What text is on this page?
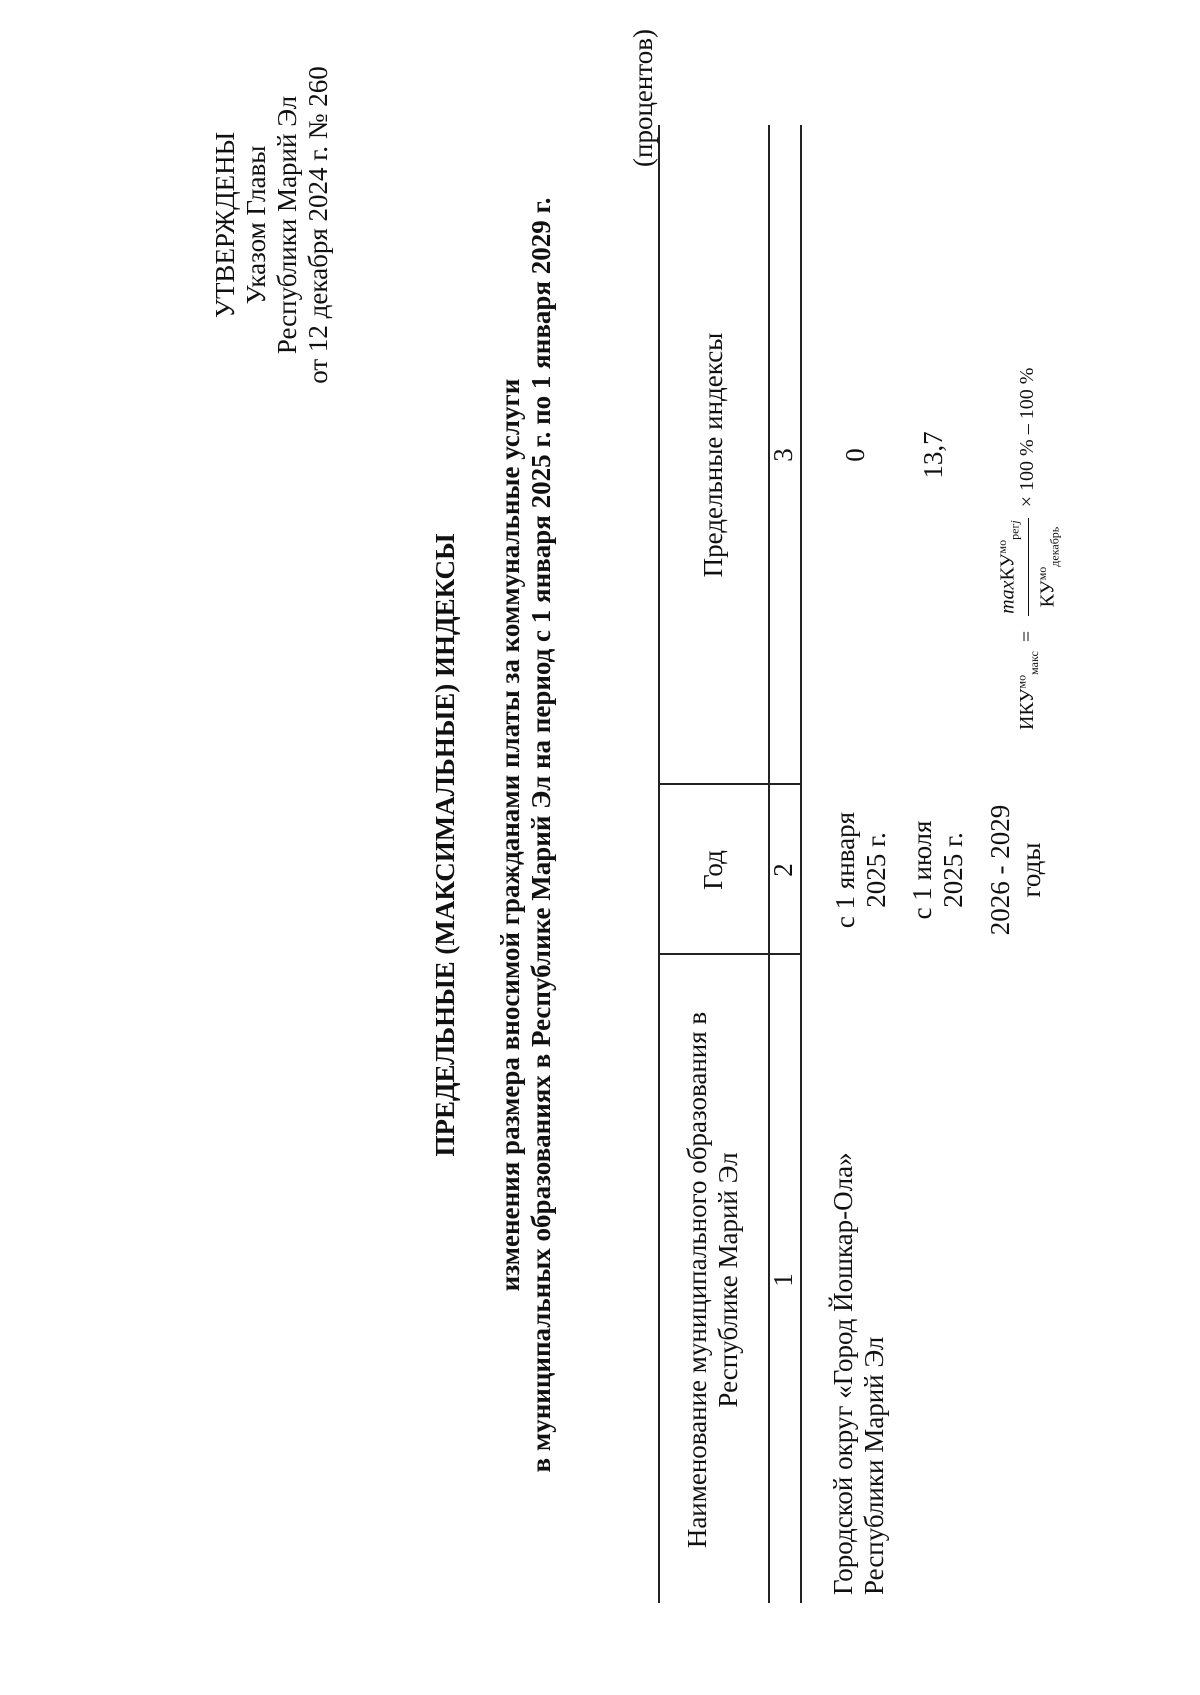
УТВЕРЖДЕНЫ Указом Главы Республики Марий Эл от 12 декабря 2024 г. № 260
ПРЕДЕЛЬНЫЕ (МАКСИМАЛЬНЫЕ) ИНДЕКСЫ изменения размера вносимой гражданами платы за коммунальные услуги в муниципальных образованиях в Республике Марий Эл на период с 1 января 2025 г. по 1 января 2029 г.
(процентов)
Наименование муниципального образования в Республике Марий Эл
Год
Предельные индексы
1
2
3
Городской округ «Город Йошкар-Ола» Республики Марий Эл
с 1 января 2025 г.
0
с 1 июля 2025 г.
13,7
2026 - 2029 годы
$ИКУ^{мо}_{макс}$ =
maxКУ$^{мо}_{регj}$
$КУ^{мо}_{декабрь}$
× 100 % – 100 %
